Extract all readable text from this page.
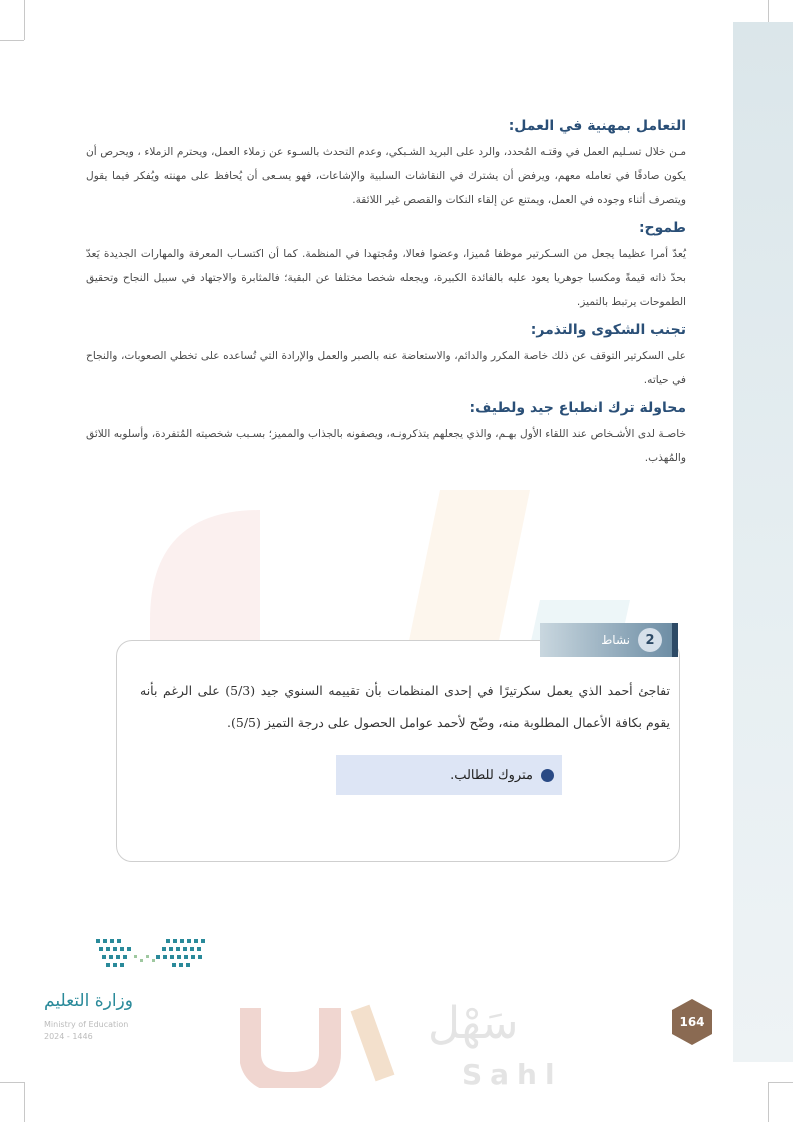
التعامل بمهنية في العمل:
مـن خلال تسـليم العمل في وقتـه المُحدد، والرد على البريد الشـبكي، وعدم التحدث بالسـوء عن زملاء العمل، ويحترم الزملاء ، ويحرص أن يكون صادقًا في تعامله معهم، ويرفض أن يشترك في النقاشات السلبية والإشاعات، فهو يسـعى أن يُحافظ على مهنته ويُفكر فيما يقول ويتصرف أثناء وجوده في العمل، ويمتنع عن إلقاء النكات والقصص غير اللائقة.
طموح:
يُعدّ أمرا عظيما يجعل من السـكرتير موظفا مُميزا، وعضوا فعالا، ومُجتهدا في المنظمة. كما أن اكتسـاب المعرفة والمهارات الجديدة يَعدّ بحدّ ذاته قيمةً ومكسبا جوهريا يعود عليه بالفائدة الكبيرة، ويجعله شخصا مختلفا عن البقية؛ فالمثابرة والاجتهاد في سبيل النجاح وتحقيق الطموحات يرتبط بالتميز.
تجنب الشكوى والتذمر:
على السكرتير التوقف عن ذلك خاصة المكرر والدائم، والاستعاضة عنه بالصبر والعمل والإرادة التي تُساعده على تخطي الصعوبات، والنجاح في حياته.
محاولة ترك انطباع جيد ولطيف:
خاصـة لدى الأشـخاص عند اللقاء الأول بهـم، والذي يجعلهم يتذكرونـه، ويصفونه بالجذاب والمميز؛ بسـبب شخصيته المُتفردة، وأسلوبه اللائق والمُهذب.
2
نشاط
تفاجئ أحمد الذي يعمل سكرتيرًا في إحدى المنظمات بأن تقييمه السنوي جيد (5/3) على الرغم بأنه يقوم بكافة الأعمال المطلوبة منه، وضّح لأحمد عوامل الحصول على درجة التميز (5/5).
متروك للطالب.
وزارة التعليم
Ministry of Education
2024 - 1446	سَهْل
Sahl
164
